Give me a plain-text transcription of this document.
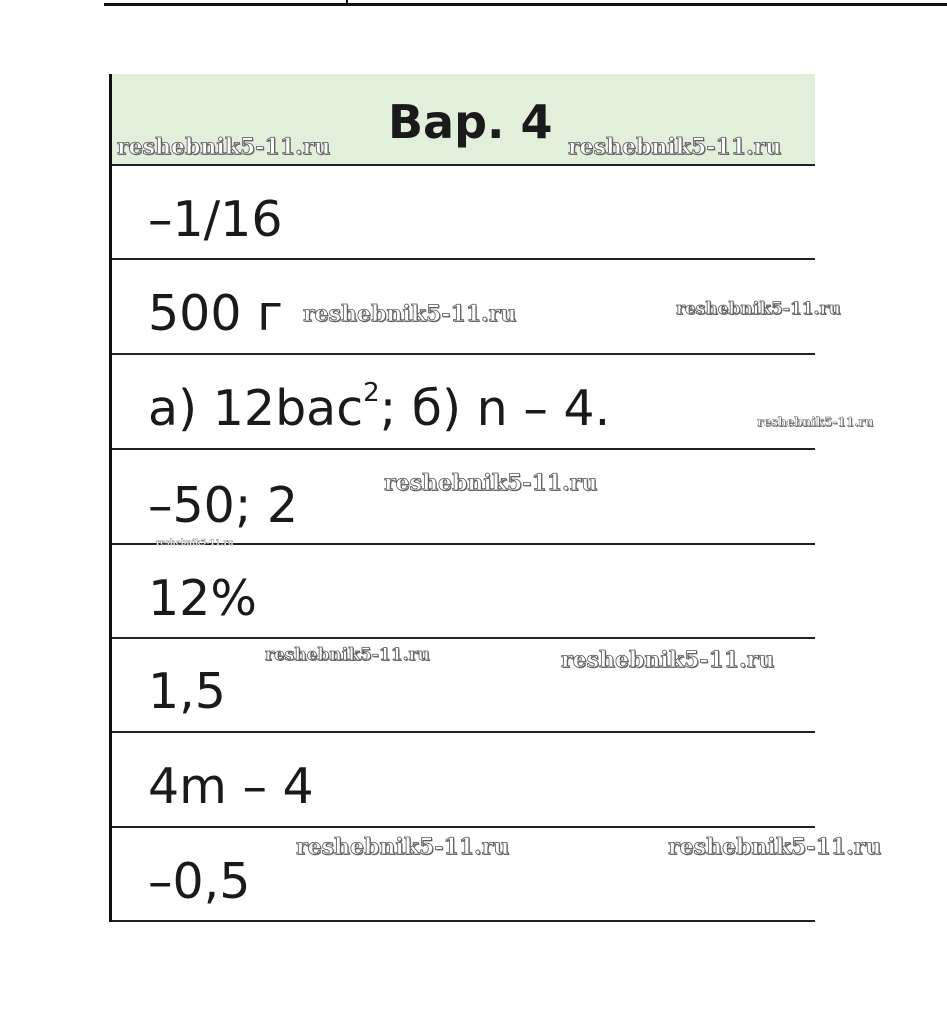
Вар. 4
–1/16
500 г
а) 12bac$^2$; б) n – 4.
–50; 2
12%
1,5
4m – 4
–0,5
reshebnik5-11.ru	reshebnik5-11.ru
reshebnik5-11.ru	reshebnik5-11.ru
reshebnik5-11.ru
reshebnik5-11.ru
reshebnik5-11.ru
reshebnik5-11.ru	reshebnik5-11.ru
reshebnik5-11.ru	reshebnik5-11.ru
